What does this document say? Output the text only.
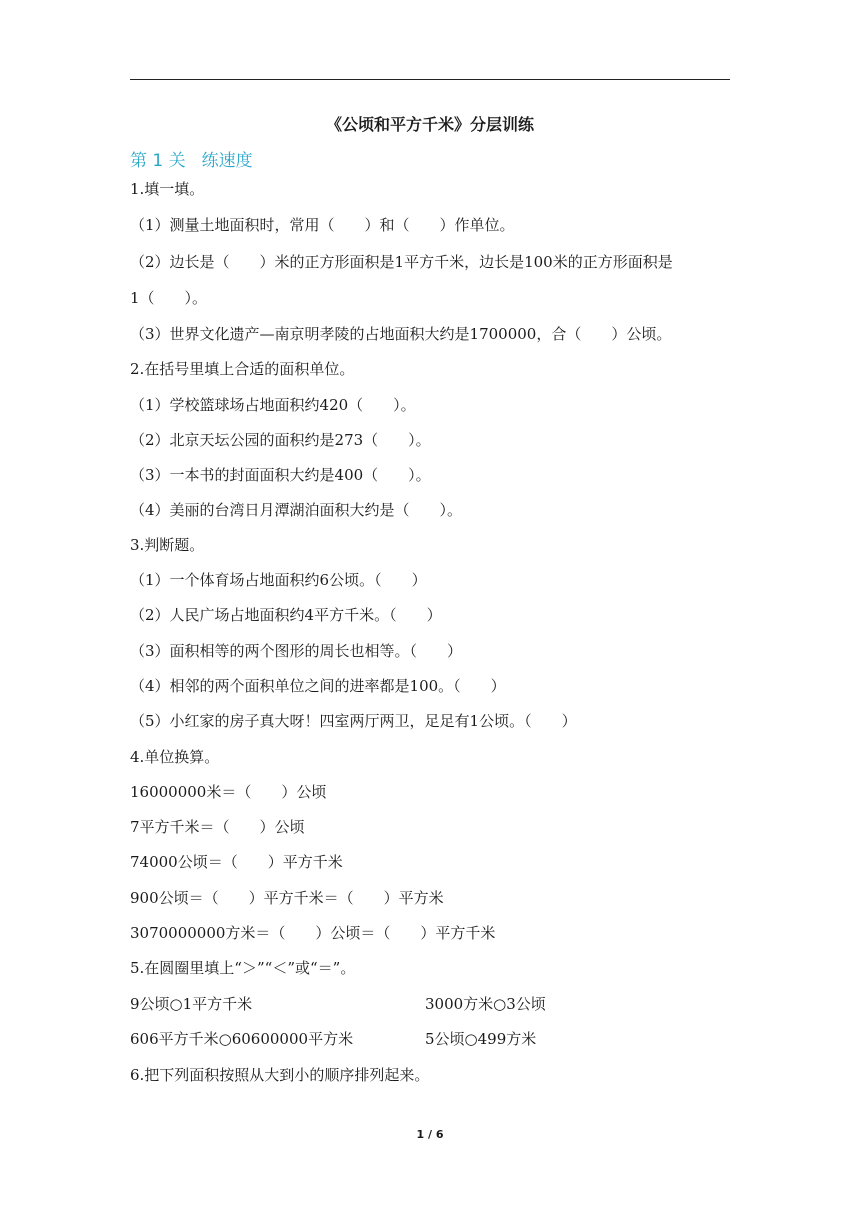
《公顷和平方千米》分层训练
第 1 关 练速度
1.填一填。
（1）测量土地面积时，常用（　　）和（　　）作单位。
（2）边长是（　　）米的正方形面积是1平方千米，边长是100米的正方形面积是
1（　　）。
（3）世界文化遗产—南京明孝陵的占地面积大约是1700000，合（　　）公顷。
2.在括号里填上合适的面积单位。
（1）学校篮球场占地面积约420（　　）。
（2）北京天坛公园的面积约是273（　　）。
（3）一本书的封面面积大约是400（　　）。
（4）美丽的台湾日月潭湖泊面积大约是（　　）。
3.判断题。
（1）一个体育场占地面积约6公顷。（　　）
（2）人民广场占地面积约4平方千米。（　　）
（3）面积相等的两个图形的周长也相等。（　　）
（4）相邻的两个面积单位之间的进率都是100。（　　）
（5）小红家的房子真大呀！四室两厅两卫，足足有1公顷。（　　）
4.单位换算。
16000000米＝（　　）公顷
7平方千米＝（　　）公顷
74000公顷＝（　　）平方千米
900公顷＝（　　）平方千米＝（　　）平方米
3070000000方米＝（　　）公顷＝（　　）平方千米
5.在圆圈里填上“＞”“＜”或“＝”。
9公顷○1平方千米	3000方米○3公顷
606平方千米○60600000平方米	5公顷○499方米
6.把下列面积按照从大到小的顺序排列起来。
1 / 6
